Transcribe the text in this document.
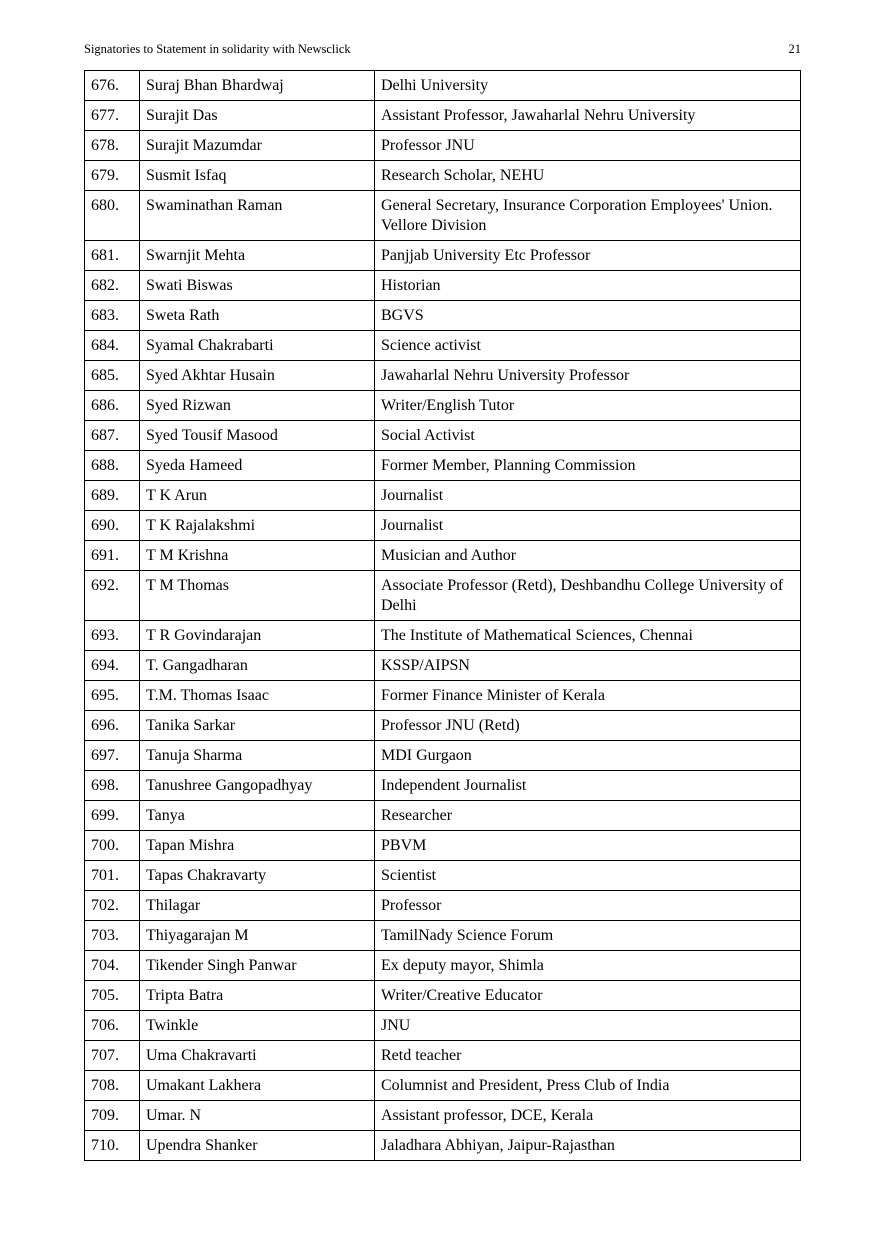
Signatories to Statement in solidarity with Newsclick	21
676.	Suraj Bhan Bhardwaj	Delhi University
677.	Surajit Das	Assistant Professor, Jawaharlal Nehru University
678.	Surajit Mazumdar	Professor JNU
679.	Susmit Isfaq	Research Scholar, NEHU
680.	Swaminathan Raman	General Secretary, Insurance Corporation Employees' Union. Vellore Division
681.	Swarnjit Mehta	Panjjab University Etc Professor
682.	Swati Biswas	Historian
683.	Sweta Rath	BGVS
684.	Syamal Chakrabarti	Science activist
685.	Syed Akhtar Husain	Jawaharlal Nehru University Professor
686.	Syed Rizwan	Writer/English Tutor
687.	Syed Tousif Masood	Social Activist
688.	Syeda Hameed	Former Member, Planning Commission
689.	T K Arun	Journalist
690.	T K Rajalakshmi	Journalist
691.	T M Krishna	Musician and Author
692.	T M Thomas	Associate Professor (Retd), Deshbandhu College University of Delhi
693.	T R Govindarajan	The Institute of Mathematical Sciences, Chennai
694.	T. Gangadharan	KSSP/AIPSN
695.	T.M. Thomas Isaac	Former Finance Minister of Kerala
696.	Tanika Sarkar	Professor JNU (Retd)
697.	Tanuja Sharma	MDI Gurgaon
698.	Tanushree Gangopadhyay	Independent Journalist
699.	Tanya	Researcher
700.	Tapan Mishra	PBVM
701.	Tapas Chakravarty	Scientist
702.	Thilagar	Professor
703.	Thiyagarajan M	TamilNady Science Forum
704.	Tikender Singh Panwar	Ex deputy mayor, Shimla
705.	Tripta Batra	Writer/Creative Educator
706.	Twinkle	JNU
707.	Uma Chakravarti	Retd teacher
708.	Umakant Lakhera	Columnist and President, Press Club of India
709.	Umar. N	Assistant professor, DCE, Kerala
710.	Upendra Shanker	Jaladhara Abhiyan, Jaipur-Rajasthan
